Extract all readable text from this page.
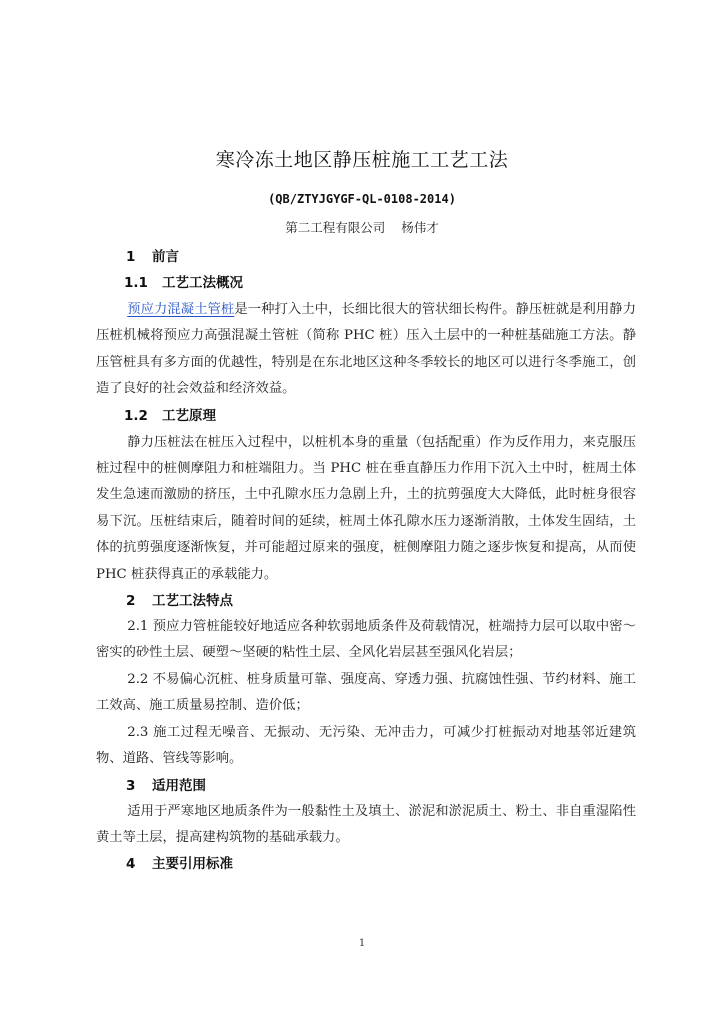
寒冷冻土地区静压桩施工工艺工法
(QB/ZTYJGYGF-QL-0108-2014)
第二工程有限公司 杨伟才
1 前言
1.1 工艺工法概况

预应力混凝土管桩是一种打入土中，长细比很大的管状细长构件。静压桩就是利用静力压桩机械将预应力高强混凝土管桩（简称 PHC 桩）压入土层中的一种桩基础施工方法。静压管桩具有多方面的优越性，特别是在东北地区这种冬季较长的地区可以进行冬季施工，创造了良好的社会效益和经济效益。

1.2 工艺原理

静力压桩法在桩压入过程中，以桩机本身的重量（包括配重）作为反作用力，来克服压桩过程中的桩侧摩阻力和桩端阻力。当 PHC 桩在垂直静压力作用下沉入土中时，桩周土体发生急速而激励的挤压，土中孔隙水压力急剧上升，土的抗剪强度大大降低，此时桩身很容易下沉。压桩结束后，随着时间的延续，桩周土体孔隙水压力逐渐消散，土体发生固结，土体的抗剪强度逐渐恢复，并可能超过原来的强度，桩侧摩阻力随之逐步恢复和提高，从而使 PHC 桩获得真正的承载能力。

2 工艺工法特点

2.1 预应力管桩能较好地适应各种软弱地质条件及荷载情况，桩端持力层可以取中密～密实的砂性土层、硬塑～坚硬的粘性土层、全风化岩层甚至强风化岩层；

2.2 不易偏心沉桩、桩身质量可靠、强度高、穿透力强、抗腐蚀性强、节约材料、施工工效高、施工质量易控制、造价低；

2.3 施工过程无噪音、无振动、无污染、无冲击力，可减少打桩振动对地基邻近建筑物、道路、管线等影响。

3 适用范围

适用于严寒地区地质条件为一般黏性土及填土、淤泥和淤泥质土、粉土、非自重湿陷性黄土等土层，提高建构筑物的基础承载力。

4 主要引用标准
1
